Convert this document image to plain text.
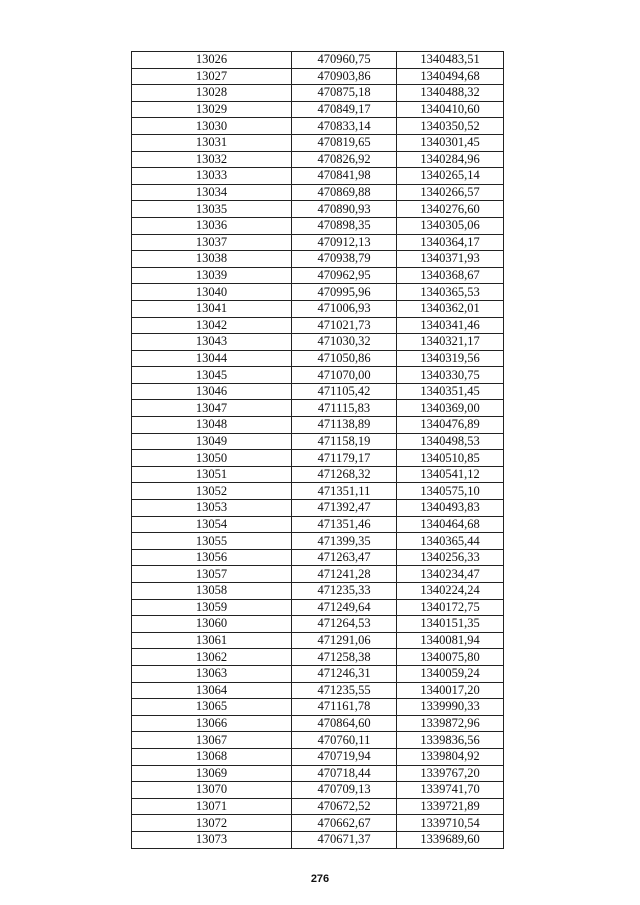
13026	470960,75	1340483,51
13027	470903,86	1340494,68
13028	470875,18	1340488,32
13029	470849,17	1340410,60
13030	470833,14	1340350,52
13031	470819,65	1340301,45
13032	470826,92	1340284,96
13033	470841,98	1340265,14
13034	470869,88	1340266,57
13035	470890,93	1340276,60
13036	470898,35	1340305,06
13037	470912,13	1340364,17
13038	470938,79	1340371,93
13039	470962,95	1340368,67
13040	470995,96	1340365,53
13041	471006,93	1340362,01
13042	471021,73	1340341,46
13043	471030,32	1340321,17
13044	471050,86	1340319,56
13045	471070,00	1340330,75
13046	471105,42	1340351,45
13047	471115,83	1340369,00
13048	471138,89	1340476,89
13049	471158,19	1340498,53
13050	471179,17	1340510,85
13051	471268,32	1340541,12
13052	471351,11	1340575,10
13053	471392,47	1340493,83
13054	471351,46	1340464,68
13055	471399,35	1340365,44
13056	471263,47	1340256,33
13057	471241,28	1340234,47
13058	471235,33	1340224,24
13059	471249,64	1340172,75
13060	471264,53	1340151,35
13061	471291,06	1340081,94
13062	471258,38	1340075,80
13063	471246,31	1340059,24
13064	471235,55	1340017,20
13065	471161,78	1339990,33
13066	470864,60	1339872,96
13067	470760,11	1339836,56
13068	470719,94	1339804,92
13069	470718,44	1339767,20
13070	470709,13	1339741,70
13071	470672,52	1339721,89
13072	470662,67	1339710,54
13073	470671,37	1339689,60
276
